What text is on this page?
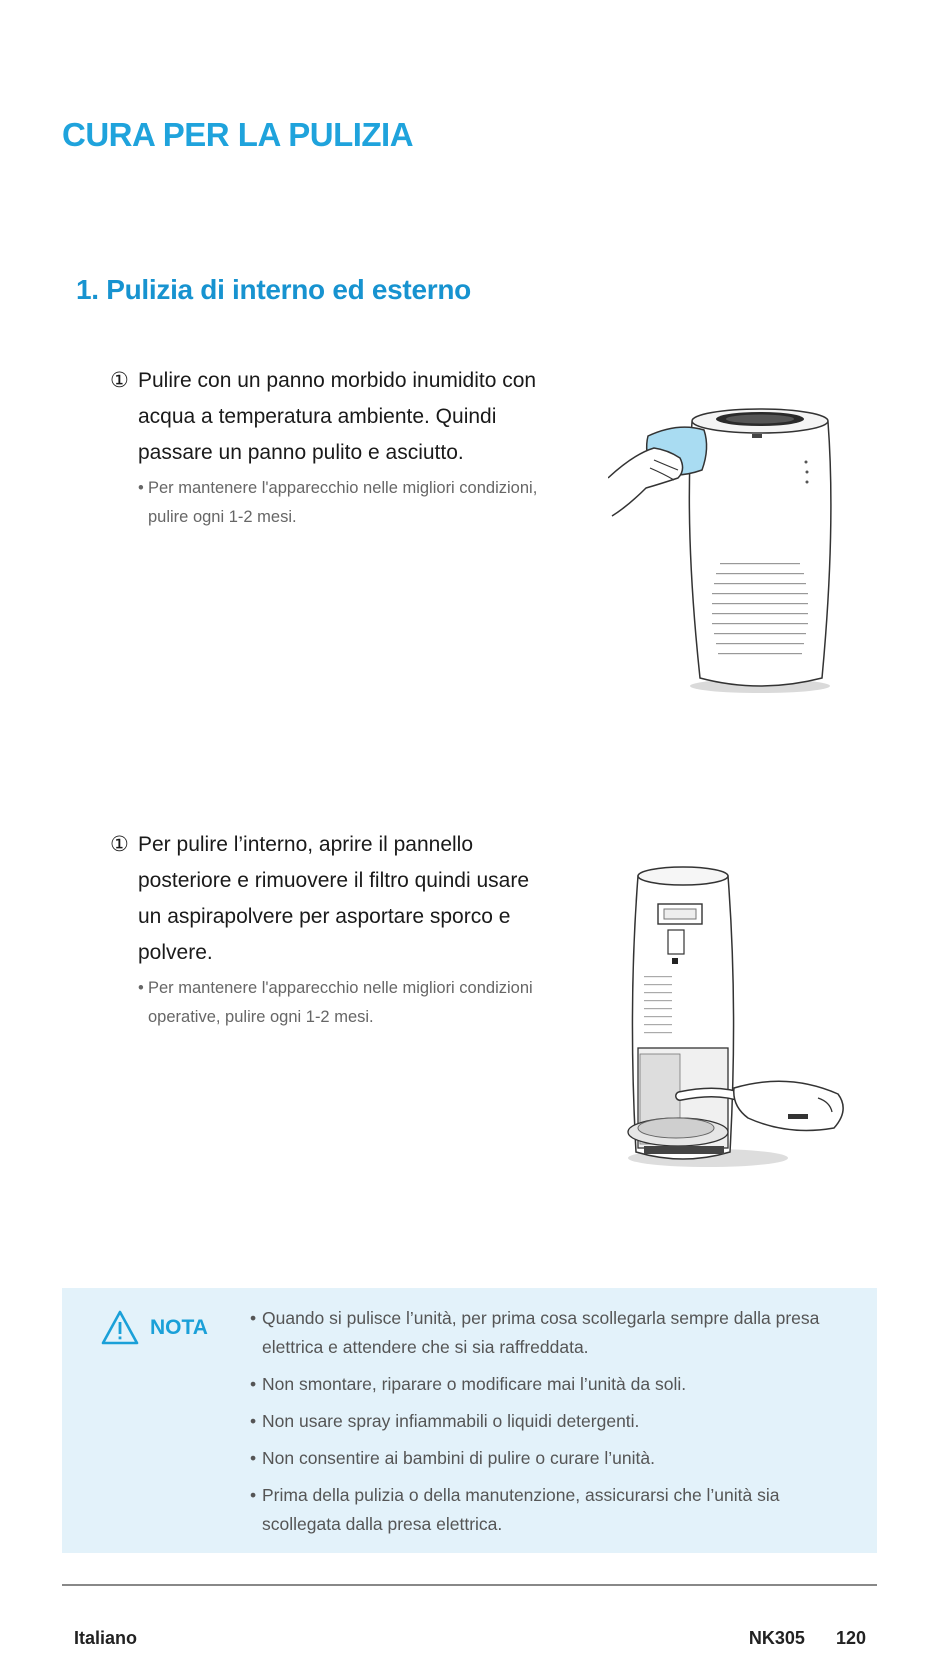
CURA PER LA PULIZIA
1. Pulizia di interno ed esterno
① Pulire con un panno morbido inumidito con acqua a temperatura ambiente. Quindi passare un panno pulito e asciutto.
• Per mantenere l'apparecchio nelle migliori condizioni, pulire ogni 1-2 mesi.
① Per pulire l’interno, aprire il pannello posteriore e rimuovere il filtro quindi usare un aspirapolvere per asportare sporco e polvere.
• Per mantenere l'apparecchio nelle migliori condizioni operative, pulire ogni 1-2 mesi.
NOTA • Quando si pulisce l’unità, per prima cosa scollegarla sempre dalla presa elettrica e attendere che si sia raffreddata.
• Non smontare, riparare o modificare mai l’unità da soli.
• Non usare spray infiammabili o liquidi detergenti.
• Non consentire ai bambini di pulire o curare l’unità.
• Prima della pulizia o della manutenzione, assicurarsi che l’unità sia scollegata dalla presa elettrica.
Italiano	NK305 120
